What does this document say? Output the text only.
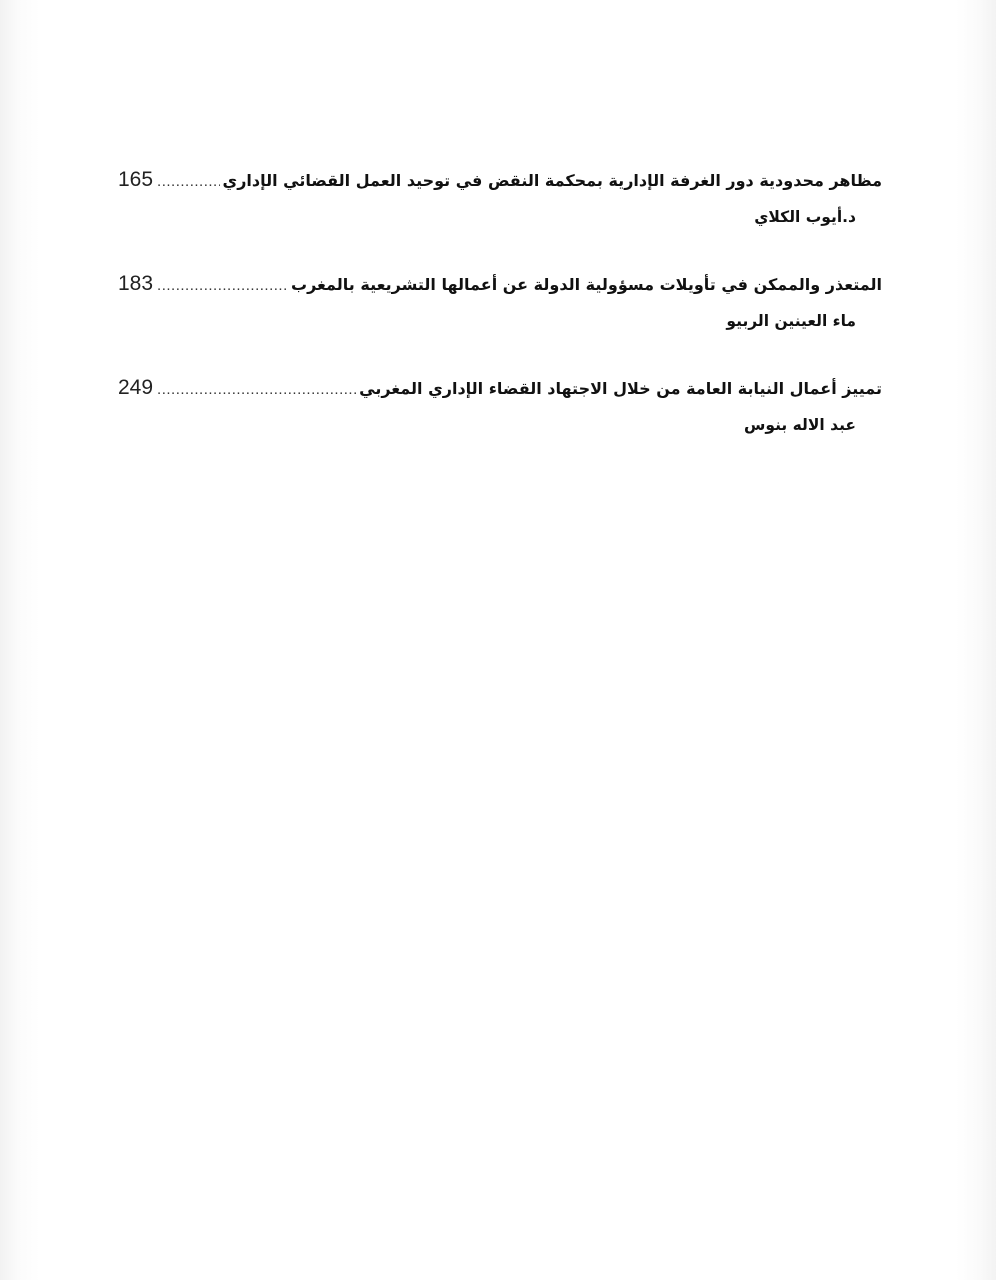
165 .....	مظاهر محدودية دور الغرفة الإدارية بمحكمة النقض في توحيد العمل القضائي الإداري
د.أيوب الكلاي
183 .....	المتعذر والممكن في تأويلات مسؤولية الدولة عن أعمالها التشريعية بالمغرب
ماء العينين الربيو
249 .....	تمييز أعمال النيابة العامة من خلال الاجتهاد القضاء الإداري المغربي
عبد الاله بنوس
